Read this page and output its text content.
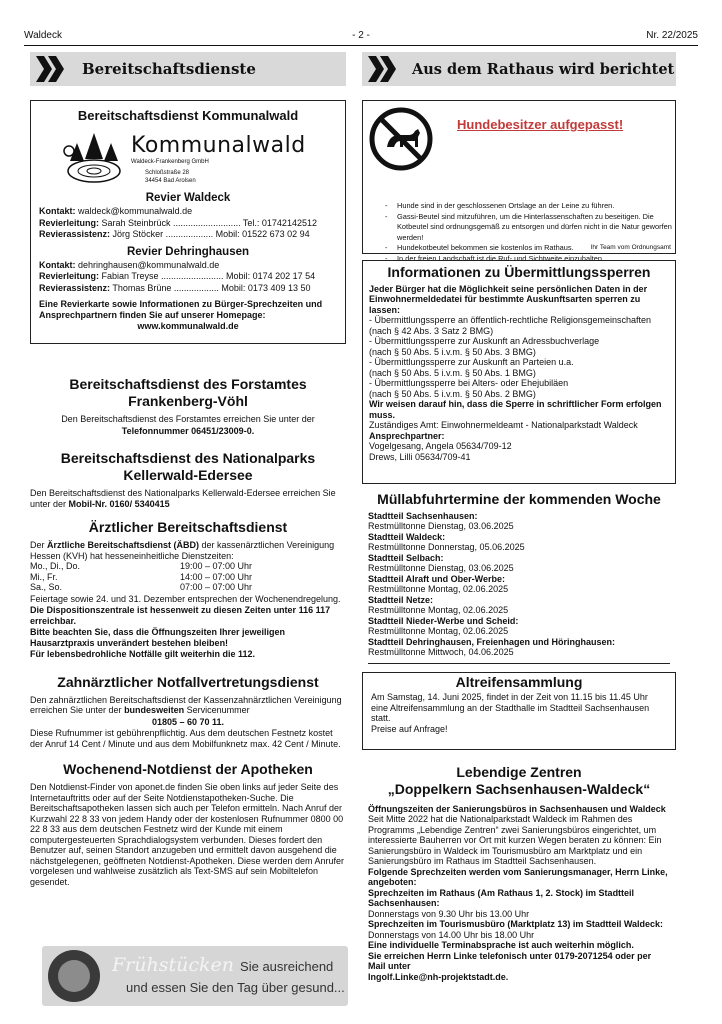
Waldeck	- 2 -	Nr. 22/2025
Bereitschaftsdienste
Bereitschaftsdienst Kommunalwald
Kommunalwald
Waldeck-Frankenberg GmbH
Schloßstraße 28
34454 Bad Arolsen
Revier Waldeck
Kontakt: waldeck@kommunalwald.de
Revierleitung: Sarah Steinbrück ........................... Tel.: 01742142512
Revierassistenz: Jörg Stöcker ................... Mobil: 01522 673 02 94
Revier Dehringhausen
Kontakt: dehringhausen@kommunalwald.de
Revierleitung: Fabian Treyse ......................... Mobil: 0174 202 17 54
Revierassistenz: Thomas Brüne .................. Mobil: 0173 409 13 50
Eine Revierkarte sowie Informationen zu Bürger-Sprechzeiten und Ansprechpartnern finden Sie auf unserer Homepage:
www.kommunalwald.de
Bereitschaftsdienst des Forstamtes Frankenberg-Vöhl

Den Bereitschaftsdienst des Forstamtes erreichen Sie unter der

Telefonnummer 06451/23009-0.

Bereitschaftsdienst des Nationalparks Kellerwald-Edersee

Den Bereitschaftsdienst des Nationalparks Kellerwald-Edersee erreichen Sie unter der Mobil-Nr. 0160/ 5340415

Ärztlicher Bereitschaftsdienst

Der Ärztliche Bereitschaftsdienst (ÄBD) der kassenärztlichen Vereinigung Hessen (KVH) hat hesseneinheitliche Dienstzeiten:

Mo., Di., Do.	19:00 – 07:00 Uhr
Mi., Fr.	14:00 – 07:00 Uhr
Sa., So.	07:00 – 07:00 Uhr

Feiertage sowie 24. und 31. Dezember entsprechen der Wochenendregelung.

Die Dispositionszentrale ist hessenweit zu diesen Zeiten unter 116 117 erreichbar.

Bitte beachten Sie, dass die Öffnungszeiten Ihrer jeweiligen Hausarztpraxis unverändert bestehen bleiben!

Für lebensbedrohliche Notfälle gilt weiterhin die 112.

Zahnärztlicher Notfallvertretungsdienst

Den zahnärztlichen Bereitschaftsdienst der Kassenzahnärztlichen Vereinigung erreichen Sie unter der bundesweiten Servicenummer

01805 – 60 70 11.

Diese Rufnummer ist gebührenpflichtig. Aus dem deutschen Festnetz kostet der Anruf 14 Cent / Minute und aus dem Mobilfunknetz max. 42 Cent / Minute.

Wochenend-Notdienst der Apotheken

Den Notdienst-Finder von aponet.de finden Sie oben links auf jeder Seite des Internetauftritts oder auf der Seite Notdienstapotheken-Suche. Die Bereitschaftsapotheken lassen sich auch per Telefon ermitteln. Nach Anruf der Kurzwahl 22 8 33 von jedem Handy oder der kostenlosen Rufnummer 0800 00 22 8 33 aus dem deutschen Festnetz wird der Kunde mit einem computergesteuerten Sprachdialogsystem verbunden. Dieses fordert den Benutzer auf, seinen Standort anzugeben und ermittelt davon ausgehend die nächstgelegenen, geöffneten Notdienst-Apotheken. Diese werden dem Anrufer vorgelesen und wahlweise zusätzlich als Text-SMS auf sein Mobiltelefon gesendet.

Frühstücken Sie ausreichend
und essen Sie den Tag über gesund...
Aus dem Rathaus wird berichtet
Hundebesitzer aufgepasst!
- Hunde sind in der geschlossenen Ortslage an der Leine zu führen.
- Gassi-Beutel sind mitzuführen, um die Hinterlassenschaften zu beseitigen. Die Kotbeutel sind ordnungsgemäß zu entsorgen und dürfen nicht in die Natur geworfen werden!
- Hundekotbeutel bekommen sie kostenlos im Rathaus.
- In der freien Landschaft ist die Ruf- und Sichtweite einzuhalten.
Ihr Team vom Ordnungsamt
Informationen zu Übermittlungssperren

Jeder Bürger hat die Möglichkeit seine persönlichen Daten in der Einwohnermeldedatei für bestimmte Auskunftsarten sperren zu lassen:

- Übermittlungssperre an öffentlich-rechtliche Religionsgemeinschaften

(nach § 42 Abs. 3 Satz 2 BMG)

- Übermittlungssperre zur Auskunft an Adressbuchverlage

(nach § 50 Abs. 5 i.v.m. § 50 Abs. 3 BMG)

- Übermittlungssperre zur Auskunft an Parteien u.a.

(nach § 50 Abs. 5 i.v.m. § 50 Abs. 1 BMG)

- Übermittlungssperre bei Alters- oder Ehejubiläen

(nach § 50 Abs. 5 i.v.m. § 50 Abs. 2 BMG)

Wir weisen darauf hin, dass die Sperre in schriftlicher Form erfolgen muss.

Zuständiges Amt: Einwohnermeldeamt - Nationalparkstadt Waldeck

Ansprechpartner:

Vogelgesang, Angela 05634/709-12

Drews, Lilli 05634/709-41

Müllabfuhrtermine der kommenden Woche

Stadtteil Sachsenhausen:

Restmülltonne Dienstag, 03.06.2025

Stadtteil Waldeck:

Restmülltonne Donnerstag, 05.06.2025

Stadtteil Selbach:

Restmülltonne Dienstag, 03.06.2025

Stadtteil Alraft und Ober-Werbe:

Restmülltonne Montag, 02.06.2025

Stadtteil Netze:

Restmülltonne Montag, 02.06.2025

Stadtteil Nieder-Werbe und Scheid:

Restmülltonne Montag, 02.06.2025

Stadtteil Dehringhausen, Freienhagen und Höringhausen:

Restmülltonne Mittwoch, 04.06.2025

Altreifensammlung

Am Samstag, 14. Juni 2025, findet in der Zeit von 11.15 bis 11.45 Uhr eine Altreifensammlung an der Stadthalle im Stadtteil Sachsenhausen statt.

Preise auf Anfrage!

Lebendige Zentren
„Doppelkern Sachsenhausen-Waldeck“

Öffnungszeiten der Sanierungsbüros in Sachsenhausen und Waldeck

Seit Mitte 2022 hat die Nationalparkstadt Waldeck im Rahmen des Programms „Lebendige Zentren“ zwei Sanierungsbüros eingerichtet, um interessierte Bauherren vor Ort mit kurzen Wegen beraten zu können: Ein Sanierungsbüro in Waldeck im Tourismusbüro am Marktplatz und ein Sanierungsbüro im Rathaus im Stadtteil Sachsenhausen.

Folgende Sprechzeiten werden vom Sanierungsmanager, Herrn Linke, angeboten:

Sprechzeiten im Rathaus (Am Rathaus 1, 2. Stock) im Stadtteil Sachsenhausen:

Donnerstags von 9.30 Uhr bis 13.00 Uhr

Sprechzeiten im Tourismusbüro (Marktplatz 13) im Stadtteil Waldeck:

Donnerstags von 14.00 Uhr bis 18.00 Uhr

Eine individuelle Terminabsprache ist auch weiterhin möglich.

Sie erreichen Herrn Linke telefonisch unter 0179-2071254 oder per Mail unter

Ingolf.Linke@nh-projektstadt.de.
